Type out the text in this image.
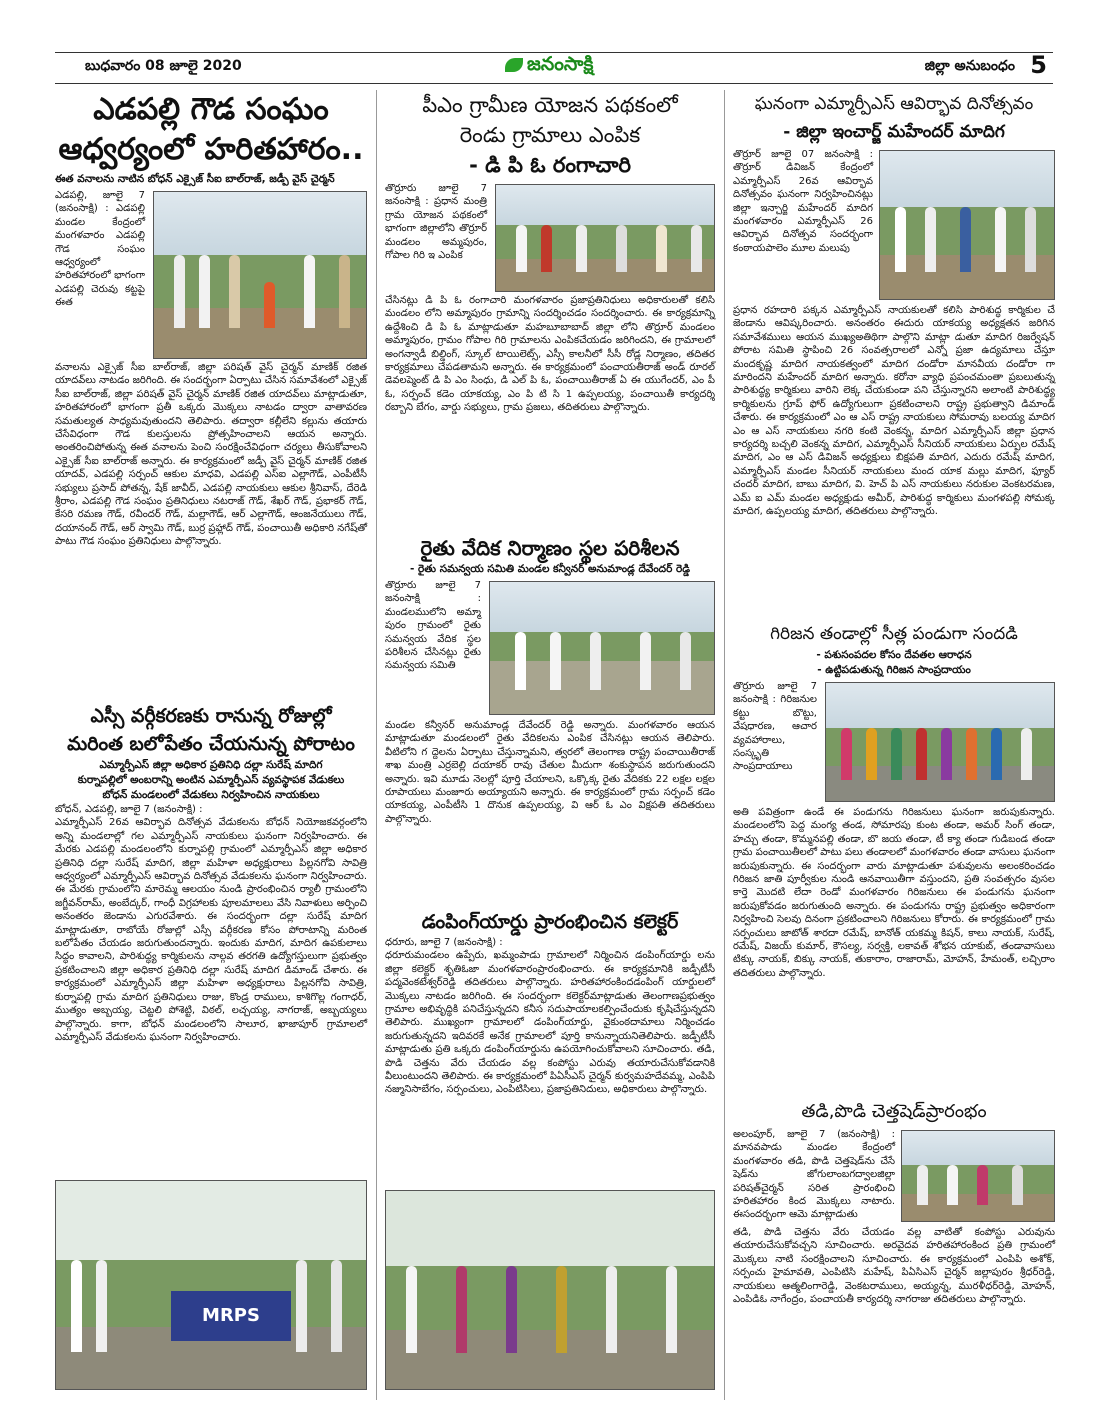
బుధవారం 08 జూలై 2020	జనంసాక్షి	జిల్లా అనుబంధం 5
ఎడపల్లి గౌడ సంఘం
ఆధ్వర్యంలో హరితహారం..
ఈత వనాలను నాటిన బోధన్ ఎక్సైజ్ సీఐ బాల్‌రాజ్, జడ్పీ వైస్ చైర్మన్
ఎడపల్లి, జూలై 7 (జనంసాక్షి) : ఎడపల్లి మండల కేంద్రంలో మంగళవారం ఎడపల్లి గౌడ సంఘం ఆధ్వర్యంలో హరితహారంలో భాగంగా ఎడపల్లి చెరువు కట్టపై ఈత
వనాలను ఎక్సైజ్ సీఐ బాల్‌రాజ్, జిల్లా పరిషత్ వైస్ చైర్మన్ మాణిక్ రజిత యాదవ్‌లు నాటడం జరిగింది. ఈ సందర్భంగా ఏర్పాటు చేసిన సమావేశంలో ఎక్సైజ్ సీఐ బాల్‌రాజ్, జిల్లా పరిషత్ వైస్ చైర్మన్ మాణిక్ రజిత యాదవ్‌లు మాట్లాడుతూ, హరితహారంలో భాగంగా ప్రతీ ఒక్కరు మొక్కలు నాటడం ద్వారా వాతావరణ సమతుల్యత సాధ్యమవుతుందని తెలిపారు. తద్వారా కల్లీలేని కల్లును తయారు చేసేవిధంగా గౌడ కులస్తులను ప్రోత్సహించాలని ఆయన అన్నారు. అంతరించిపోతున్న ఈత వనాలను పెంచి సంరక్షించేవిధంగా చర్యలు తీసుకోవాలని ఎక్సైజ్ సీఐ బాల్‌రాజ్ అన్నారు. ఈ కార్యక్రమంలో జడ్పీ వైస్ చైర్మన్ మాణిక్ రజిత యాదవ్, ఎడపల్లి సర్పంచ్ ఆకుల మాధవి, ఎడపల్లి ఎస్ఐ ఎల్లాగౌడ్, ఎంపీటీసీ సభ్యులు ప్రసాద్ పోతన్న, షేక్ జావీద్, ఎడపల్లి నాయకులు ఆకుల శ్రీనివాస్, దేరెడి శ్రీరాం, ఎడపల్లి గౌడ సంఘం ప్రతినిధులు నటరాజ్ గౌడ్, శేఖర్ గౌడ్, ప్రభాకర్ గౌడ్, కేసరి రమణ గౌడ్, రవీందర్ గౌడ్, మల్లాగౌడ్, ఆర్ ఎల్లాగౌడ్, ఆంజనేయులు గౌడ్, దయానంద్ గౌడ్, ఆర్ స్వామి గౌడ్, బుర్ర ప్రహ్లాద్ గౌడ్, పంచాయితీ అధికారి నగేష్‌తో పాటు గౌడ సంఘం ప్రతినిధులు పాల్గొన్నారు.
ఎస్సీ వర్గీకరణకు రానున్న రోజుల్లో
మరింత బలోపేతం చేయనున్న పోరాటం
ఎమ్మార్పీఎస్ జిల్లా అధికార ప్రతినిధి దల్లా సురేష్ మాదిగ
కుర్నాపల్లిలో అంబరాన్ని అంటిన ఎమ్మార్పీఎస్ వ్యవస్థాపక వేడుకలు
బోధన్ మండలంలో వేడుకలు నిర్వహించిన నాయకులు
బోధన్, ఎడపల్లి, జూలై 7 (జనంసాక్షి) :
ఎమ్మార్పీఎస్ 26వ ఆవిర్భావ దినోత్సవ వేడుకలను బోధన్ నియోజకవర్గంలోని అన్ని మండలాల్లో గల ఎమ్మార్పీఎస్ నాయకులు ఘనంగా నిర్వహించారు. ఈ మేరకు ఎడపల్లి మండలంలోని కుర్నాపల్లి గ్రామంలో ఎమ్మార్పీఎస్ జిల్లా అధికార ప్రతినిధి దల్లా సురేష్ మాదిగ, జిల్లా మహిళా అధ్యక్షురాలు పిల్లనగోవి సావిత్రి ఆధ్వర్యంలో ఎమ్మార్పీఎస్ ఆవిర్భావ దినోత్సవ వేడుకలను ఘనంగా నిర్వహించారు. ఈ మేరకు గ్రామంలోని మారెమ్మ ఆలయం నుండి ప్రారంభించిన ర్యాలీ గ్రామంలోని జగ్జీవన్‌రామ్, అంబేద్కర్, గాంధీ విగ్రహాలకు పూలమాలలు వేసి నివాళులు అర్పించి అనంతరం జెండాను ఎగురవేశారు. ఈ సందర్భంగా దల్లా సురేష్ మాదిగ మాట్లాడుతూ, రాబోయే రోజుల్లో ఎస్సీ వర్గీకరణ కోసం పోరాటాన్ని మరింత బలోపేతం చేయడం జరుగుతుందన్నారు. ఇందుకు మాదిగ, మాదిగ ఉపకులాలు సిద్ధం కావాలని, పారిశుద్ధ్య కార్మికులను నాల్గవ తరగతి ఉద్యోగస్తులుగా ప్రభుత్వం ప్రకటించాలని జిల్లా అధికార ప్రతినిధి దల్లా సురేష్ మాదిగ డిమాండ్ చేశారు. ఈ కార్యక్రమంలో ఎమ్మార్పీఎస్ జిల్లా మహిళా అధ్యక్షురాలు పిల్లనగోవి సావిత్రి, కుర్నాపల్లి గ్రామ మాదిగ ప్రతినిధులు రాజు, కొండ్ర రాములు, కాశిగొల్ల గంగాధర్, ముత్యం అబ్బయ్య, చెట్టలి పోశెట్టి, విఠల్, లచ్చయ్య, నాగరాజ్, అబ్బయ్యలు పాల్గొన్నారు. కాగా, బోధన్ మండలంలోని సాలూర, ఖాజాపూర్ గ్రామాలలో ఎమ్మార్పీఎస్ వేడుకలను ఘనంగా నిర్వహించారు.
MRPS
పీఎం గ్రామీణ యోజన పథకంలో
రెండు గ్రామాలు ఎంపిక
- డి పి ఓ రంగాచారి
తొర్రూరు జూలై 7 జనంసాక్షి : ప్రధాన మంత్రి గ్రామ యోజన పథకంలో భాగంగా జిల్లాలోని తొర్రూర్ మండలం అమ్మపురం, గోపాల గిరి ఇ ఎంపిక
చేసినట్లు డి పి ఓ రంగాచారి మంగళవారం ప్రజాప్రతినిధులు అధికారులతో కలిసి మండలం లోని అమ్మాపురం గ్రామాన్ని సందర్శించడం సందర్శించారు. ఈ కార్యక్రమాన్ని ఉద్దేశించి డి పి ఓ మాట్లాడుతూ మహబూబాబాద్ జిల్లా లోని తొర్రూర్ మండలం అమ్మాపురం, గ్రామం గోపాల గిరి గ్రామాలను ఎంపికచేయడం జరిగిందని, ఈ గ్రామాలలో అంగన్వాడీ బిల్డింగ్, స్కూల్ టాయిలెట్స్, ఎస్సీ కాలనీలో సీసీ రోడ్ల నిర్మాణం, తదితర కార్యక్రమాలు చేపడతామని అన్నారు. ఈ కార్యక్రమంలో పంచాయతీరాజ్ అండ్ రూరల్ డెవలప్మెంట్ డి పి ఎం సింధు, డి ఎల్ పి ఓ, పంచాయితీరాజ్ ఏ ఈ యుగేందర్, ఎం పీ ఓ, సర్పంచ్ కడెం యాకయ్య, ఎం పి టి సి 1 ఉప్పలయ్య, పంచాయితీ కార్యదర్శి రబ్బాని బేగం, వార్డు సభ్యులు, గ్రామ ప్రజలు, తదితరులు పాల్గొన్నారు.
రైతు వేదిక నిర్మాణం స్థల పరిశీలన
- రైతు సమన్వయ సమితి మండల కన్వీనర్ అనుమాండ్ల దేవేందర్ రెడ్డి
తొర్రూరు జూలై 7 జనంసాక్షి : మండలములోని అమ్మా పురం గ్రామంలో రైతు సమన్వయ వేదిక స్థల పరిశీలన చేసినట్లు రైతు సమన్వయ సమితి
మండల కన్వీనర్ అనుమాండ్ల దేవేందర్ రెడ్డి అన్నారు. మంగళవారం ఆయన మాట్లాడుతూ మండలంలో రైతు వేదికలను ఎంపిక చేసినట్లు ఆయన తెలిపారు. వీటిలోని గ ద్దెలను ఏర్పాటు చేస్తున్నామని, త్వరలో తెలంగాణ రాష్ట్ర పంచాయితీరాజ్ శాఖ మంత్రి ఎర్రబెల్లి దయాకర్ రావు చేతుల మీదుగా శంకుస్థాపన జరుగుతుందని అన్నారు. ఇవి మూడు నెలల్లో పూర్తి చేయాలని, ఒక్కొక్క రైతు వేదికకు 22 లక్షల లక్షల రూపాయలు మంజూరు అయ్యాయని అన్నారు. ఈ కార్యక్రమంలో గ్రామ సర్పంచ్ కడెం యాకయ్య, ఎంపీటీసి 1 దొనుక ఉప్పలయ్య, వి ఆర్ ఓ ఎం విక్షపతి తదితరులు పాల్గొన్నారు.
డంపింగ్‌యార్డు ప్రారంభించిన కలెక్టర్
ధరూరు, జూలై 7 (జనంసాక్షి) :
ధరూరుమండలం ఉప్పేరు, ఖమ్మంపాడు గ్రామాలలో నిర్మించిన డంపింగ్‌యార్డు లను జిల్లా కలెక్టర్ శృతిఓజా మంగళవారంప్రారంభించారు. ఈ కార్యక్రమానికి జడ్పీటీసీ పద్మవెంకటేశ్వర్‌రెడ్డి తదితరులు పాల్గొన్నారు. హరితహారంకిందడంపింగ్ యార్డులలో మొక్కలు నాటడం జరిగింది. ఈ సందర్భంగా కలెక్టర్‌మాట్లాడుతు తెలంగాణప్రభుత్వం గ్రామాల అభివృద్ధికి పనిచేస్తున్నదని కనీస సదుపాయాలకల్పించేందుకు కృషిచేస్తున్నదని తెలిపారు. ముఖ్యంగా గ్రామాలలో డంపింగ్‌యార్డు, వైకుంఠదామాలు నిర్మించడం జరుగుతున్నదని ఇదివరకే అనేక గ్రామాలలో పూర్తి కానున్నాయనితెలిపారు. జడ్పీటీసీ మాట్లాడుతు ప్రతి ఒక్కరు డంపింగ్‌యార్డును ఉపయోగించుకోవాలని సూచించారు. తడి, పొడి చెత్తను వేరు చేయడం వల్ల కంపోస్టు ఎరువు తయారుచేసుకోవడానికి వీలుంటుందని తెలిపారు. ఈ కార్యక్రమంలో పిఏసీఎస్ చైర్మన్ కుర్వమహదేవమ్మ, ఎంపిపి నజ్మునిసాబేగం, సర్పంచులు, ఎంపిటిసిలు, ప్రజాప్రతినిదులు, అధికారులు పాల్గొన్నారు.
ఘనంగా ఎమ్మార్పీఎస్ ఆవిర్భావ దినోత్సవం
- జిల్లా ఇంచార్జ్ మహేందర్ మాదిగ
తొర్రూర్ జూలై 07 జనంసాక్షి : తొర్రూర్ డివిజన్ కేంద్రంలో ఎమ్మార్పీఎస్ 26వ ఆవిర్భావ దినోత్సవం ఘనంగా నిర్వహించినట్లు జిల్లా ఇన్చార్జి మహేందర్ మాదిగ మంగళవారం ఎమ్మార్పీఎస్ 26 ఆవిర్భావ దినోత్సవ సందర్భంగా కంఠాయపాలెం మూల మలుపు
ప్రధాన రహదారి పక్కన ఎమ్మార్పీఎస్ నాయకులతో కలిసి పారిశుద్ధ కార్మికుల చే జెండాను ఆవిష్కరించారు. అనంతరం ఈదురు యాకయ్య అధ్యక్షతన జరిగిన సమావేశములు ఆయన ముఖ్యఅతిథిగా పాల్గొని మాట్లా డుతూ మాదిగ రిజర్వేషన్ పోరాట సమితి స్థాపించి 26 సంవత్సరాలలో ఎన్నో ప్రజా ఉద్యమాలు చేస్తూ మందకృష్ణ మాదిగ నాయకత్వంలో మాదిగ దండోరా మానవీయ దండోరా గా మారిందని మహేందర్ మాదిగ అన్నారు. కరోనా వ్యాధి ప్రపంచమంతా ప్రబలుతున్న పారిశుద్ధ్య కార్మికులు వారిని లెక్క చేయకుండా పని చేస్తున్నారని అలాంటి పారిశుద్ధ్య కార్మికులను గ్రూప్ ఫోర్ ఉద్యోగులుగా ప్రకటించాలని రాష్ట్ర ప్రభుత్వాని డిమాండ్ చేశారు. ఈ కార్యక్రమంలో ఎం ఆ ఎస్ రాష్ట్ర నాయకులు సోమరావు బలయ్య మాదిగ ఎం ఆ ఎస్ నాయకులు నగరి కంటి వెంకన్న, మాదిగ ఎమ్మార్పీఎస్ జిల్లా ప్రధాన కార్యదర్శి బచ్చలి వెంకన్న మాదిగ, ఎమ్మార్పీఎస్ సీనియర్ నాయకులు ఏర్పుల రమేష్ మాదిగ, ఎం ఆ ఎస్ డివిజన్ అధ్యక్షులు బిక్షపతి మాదిగ, ఎదురు రమేష్ మాదిగ, ఎమ్మార్పీఎస్ మండల సీనియర్ నాయకులు మంద యాక మల్లు మాదిగ, ఫ్యూర్ చందర్ మాదిగ, బాబు మాదిగ, వి. హెచ్ పి ఎస్ నాయకులు నరుకుల వెంకటరమణ, ఎమ్ ఐ ఎమ్ మండల అధ్యక్షుడు అమీర్, పారిశుద్ధ కార్మికులు మంగళపల్లి సోమక్క మాదిగ, ఉప్పలయ్య మాదిగ, తదితరులు పాల్గొన్నారు.
గిరిజన తండాల్లో సీత్ల పండుగా సందడి
- పశుసంపదల కోసం దేవతల ఆరాధన
- ఉట్టిపడుతున్న గిరిజన సాంప్రదాయం
తొర్రూరు జూలై 7 జనంసాక్షి : గిరిజనుల కట్టు బొట్టు, వేషధారణ, ఆచార వ్యవహారాలు, సంస్కృతి సాంప్రదాయాలు
అతి పవిత్రంగా ఉండే ఈ పండుగను గిరిజనులు ఘనంగా జరుపుకున్నారు. మండలంలోని పెద్ద మంగ్య తండ, సోమారపు కుంట తండా, అమర్ సింగ్ తండా, హచ్చు తండా, కొమ్మనపల్లి తండా, బొ జయ తండా, టీ క్యా తండా గుడిబండ తండా గ్రామ పంచాయితీలలో పాటు పలు తండాలలో మంగళవారం తండా వాసులు ఘనంగా జరుపుకున్నారు. ఈ సందర్భంగా వారు మాట్లాడుతూ పశువులను అలంకరించడం గిరిజన జాతి పూర్వీకుల నుండి ఆనవాయితీగా వస్తుందని, ప్రతి సంవత్సరం వుసల కార్తె మొదటి లేదా రెండో మంగళవారం గిరిజనులు ఈ పండుగను ఘనంగా జరుపుకోవడం జరుగుతుంది అన్నారు. ఈ పండుగను రాష్ట్ర ప్రభుత్వం అధికారంగా నిర్వహించి సెలవు దినంగా ప్రకటించాలని గిరిజనులు కోరారు. ఈ కార్యక్రమంలో గ్రామ సర్పంచులు జాటోత్ శారదా రమేష్, బానోత్ యకమ్మ కిషన్, కాలు నాయక్, సురేష్, రమేష్, విజయ్ కుమార్, కౌసల్య, సర్వక్తి, లకావత్ శోభన యాకుబ్, తండావాసులు టిక్కు నాయక్, బిక్కు నాయక్, తుకారాం, రాజారామ్, మోహన్, హేమంత్, లచ్చిరాం తదితరులు పాల్గొన్నారు.
తడి,పొడి చెత్తషెడ్‌ప్రారంభం
అలంపూర్, జూలై 7 (జనంసాక్షి) : మానవపాడు మండల కేంద్రంలో మంగళవారం తడి, పొడి చెత్తషెడ్‌ను చేసే షెడ్‌ను జోగులాంబగద్వాలజిల్లా పరిషత్‌చైర్మన్ సరిత ప్రారంభించి హరితహారం కింద మొక్కలు నాటారు. ఈసందర్భంగా ఆమె మాట్లాడుతు
తడి, పొడి చెత్తను వేరు చేయడం వల్ల వాటితో కంపోస్టు ఎరువును తయారుచేసుకోవచ్చని సూచించారు. అరవైదవ హరితహారంకింద ప్రతి గ్రామంలో మొక్కలు నాటి సంరక్షించాలని సూచించారు. ఈ కార్యక్రమంలో ఎంపిపి అశోక్, సర్పంచు హైమావతి, ఎంపిటిసి మహేష్, పిఏసిఎస్ చైర్మన్ జల్లాపురం శ్రీధర్‌రెడ్డి, నాయకులు ఆత్మలింగారెడ్డి, వెంకటరాములు, అయ్యన్న, మురళీధర్‌రెడ్డి, మోహన్, ఎంపిడిఓ నాగేంద్రం, పంచాయతీ కార్యదర్శి నాగరాజు తదితరులు పాల్గొన్నారు.
